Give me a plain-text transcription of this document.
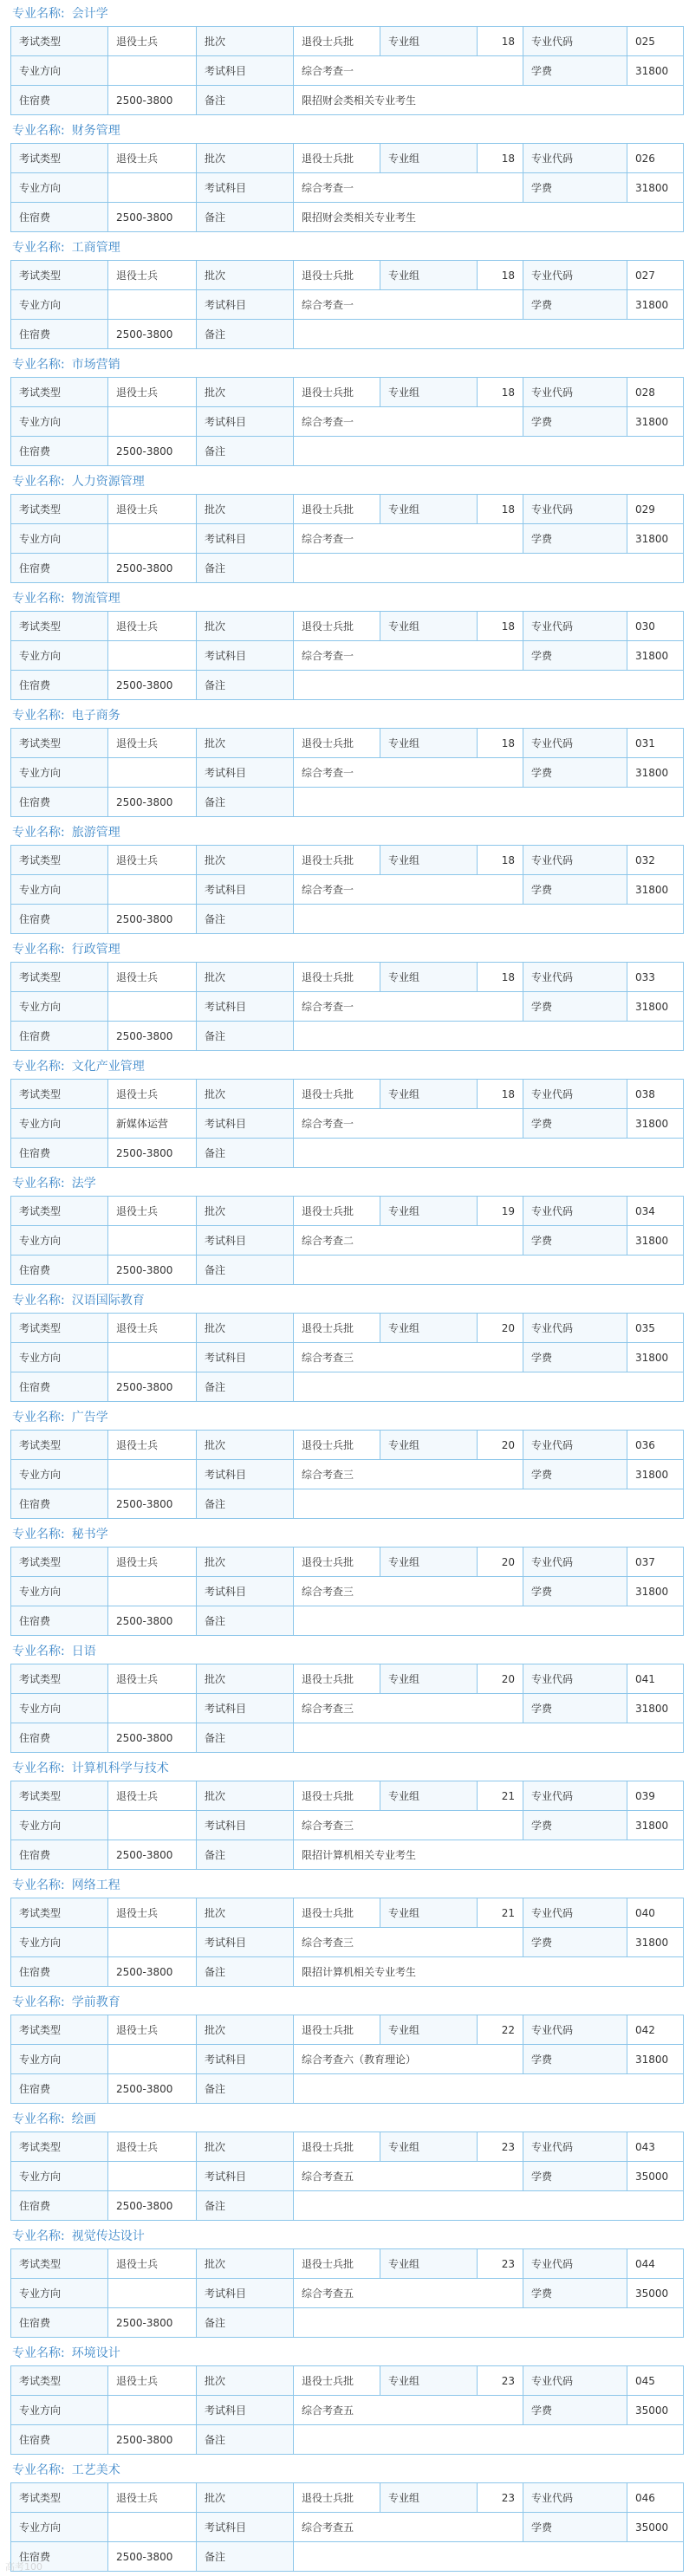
专业名称: 会计学
考试类型	退役士兵	批次	退役士兵批	专业组	18	专业代码	025
专业方向		考试科目	综合考查一			学费	31800
住宿费	2500-3800	备注	限招财会类相关专业考生				
专业名称: 财务管理
考试类型	退役士兵	批次	退役士兵批	专业组	18	专业代码	026
专业方向		考试科目	综合考查一			学费	31800
住宿费	2500-3800	备注	限招财会类相关专业考生				
专业名称: 工商管理
考试类型	退役士兵	批次	退役士兵批	专业组	18	专业代码	027
专业方向		考试科目	综合考查一			学费	31800
住宿费	2500-3800	备注					
专业名称: 市场营销
考试类型	退役士兵	批次	退役士兵批	专业组	18	专业代码	028
专业方向		考试科目	综合考查一			学费	31800
住宿费	2500-3800	备注					
专业名称: 人力资源管理
考试类型	退役士兵	批次	退役士兵批	专业组	18	专业代码	029
专业方向		考试科目	综合考查一			学费	31800
住宿费	2500-3800	备注					
专业名称: 物流管理
考试类型	退役士兵	批次	退役士兵批	专业组	18	专业代码	030
专业方向		考试科目	综合考查一			学费	31800
住宿费	2500-3800	备注					
专业名称: 电子商务
考试类型	退役士兵	批次	退役士兵批	专业组	18	专业代码	031
专业方向		考试科目	综合考查一			学费	31800
住宿费	2500-3800	备注					
专业名称: 旅游管理
考试类型	退役士兵	批次	退役士兵批	专业组	18	专业代码	032
专业方向		考试科目	综合考查一			学费	31800
住宿费	2500-3800	备注					
专业名称: 行政管理
考试类型	退役士兵	批次	退役士兵批	专业组	18	专业代码	033
专业方向		考试科目	综合考查一			学费	31800
住宿费	2500-3800	备注					
专业名称: 文化产业管理
考试类型	退役士兵	批次	退役士兵批	专业组	18	专业代码	038
专业方向	新媒体运营	考试科目	综合考查一			学费	31800
住宿费	2500-3800	备注					
专业名称: 法学
考试类型	退役士兵	批次	退役士兵批	专业组	19	专业代码	034
专业方向		考试科目	综合考查二			学费	31800
住宿费	2500-3800	备注					
专业名称: 汉语国际教育
考试类型	退役士兵	批次	退役士兵批	专业组	20	专业代码	035
专业方向		考试科目	综合考查三			学费	31800
住宿费	2500-3800	备注					
专业名称: 广告学
考试类型	退役士兵	批次	退役士兵批	专业组	20	专业代码	036
专业方向		考试科目	综合考查三			学费	31800
住宿费	2500-3800	备注					
专业名称: 秘书学
考试类型	退役士兵	批次	退役士兵批	专业组	20	专业代码	037
专业方向		考试科目	综合考查三			学费	31800
住宿费	2500-3800	备注					
专业名称: 日语
考试类型	退役士兵	批次	退役士兵批	专业组	20	专业代码	041
专业方向		考试科目	综合考查三			学费	31800
住宿费	2500-3800	备注					
专业名称: 计算机科学与技术
考试类型	退役士兵	批次	退役士兵批	专业组	21	专业代码	039
专业方向		考试科目	综合考查三			学费	31800
住宿费	2500-3800	备注	限招计算机相关专业考生				
专业名称: 网络工程
考试类型	退役士兵	批次	退役士兵批	专业组	21	专业代码	040
专业方向		考试科目	综合考查三			学费	31800
住宿费	2500-3800	备注	限招计算机相关专业考生				
专业名称: 学前教育
考试类型	退役士兵	批次	退役士兵批	专业组	22	专业代码	042
专业方向		考试科目	综合考查六（教育理论）			学费	31800
住宿费	2500-3800	备注					
专业名称: 绘画
考试类型	退役士兵	批次	退役士兵批	专业组	23	专业代码	043
专业方向		考试科目	综合考查五			学费	35000
住宿费	2500-3800	备注					
专业名称: 视觉传达设计
考试类型	退役士兵	批次	退役士兵批	专业组	23	专业代码	044
专业方向		考试科目	综合考查五			学费	35000
住宿费	2500-3800	备注					
专业名称: 环境设计
考试类型	退役士兵	批次	退役士兵批	专业组	23	专业代码	045
专业方向		考试科目	综合考查五			学费	35000
住宿费	2500-3800	备注					
专业名称: 工艺美术
考试类型	退役士兵	批次	退役士兵批	专业组	23	专业代码	046
专业方向		考试科目	综合考查五			学费	35000
住宿费	2500-3800	备注					
高考100
